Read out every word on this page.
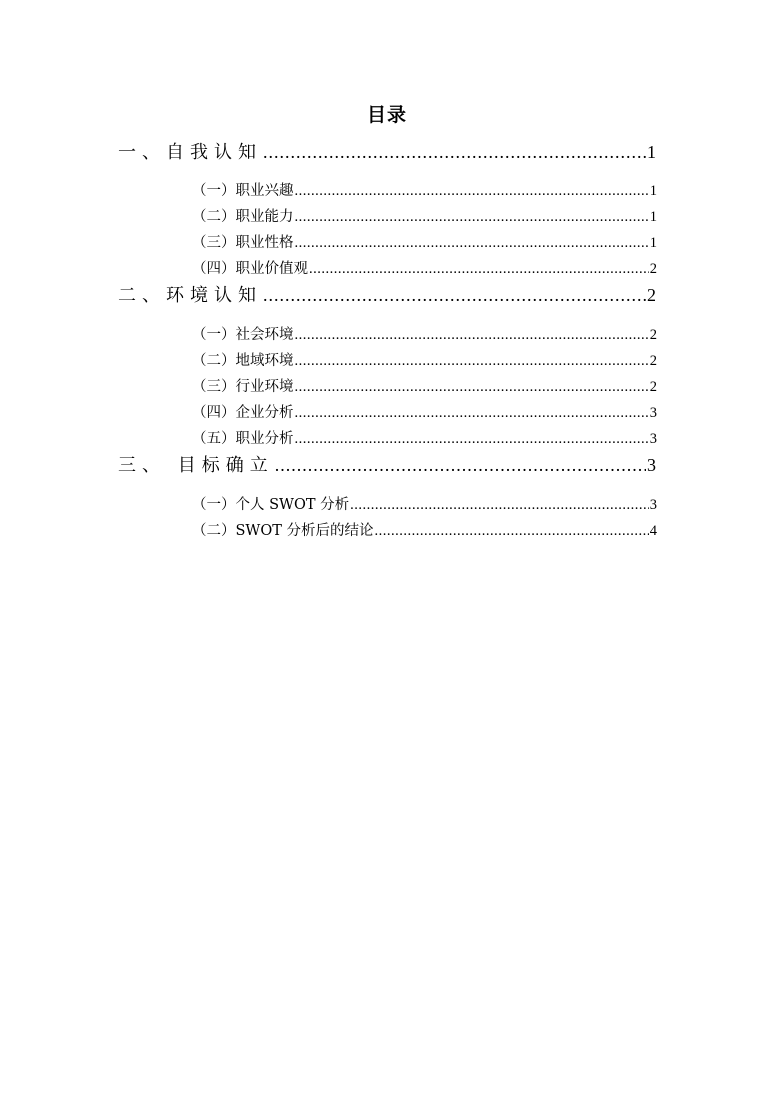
目录
一、自我认知 .....	1
（一）职业兴趣 .....	1
（二）职业能力 .....	1
（三）职业性格 .....	1
（四）职业价值观 .....	2
二、环境认知 .....	2
（一）社会环境 .....	2
（二）地域环境 .....	2
（三）行业环境 .....	2
（四）企业分析 .....	3
（五）职业分析 .....	3
三、 目标确立 .....	3
（一）个人 SWOT 分析 .....	3
（二）SWOT 分析后的结论 .....	4
